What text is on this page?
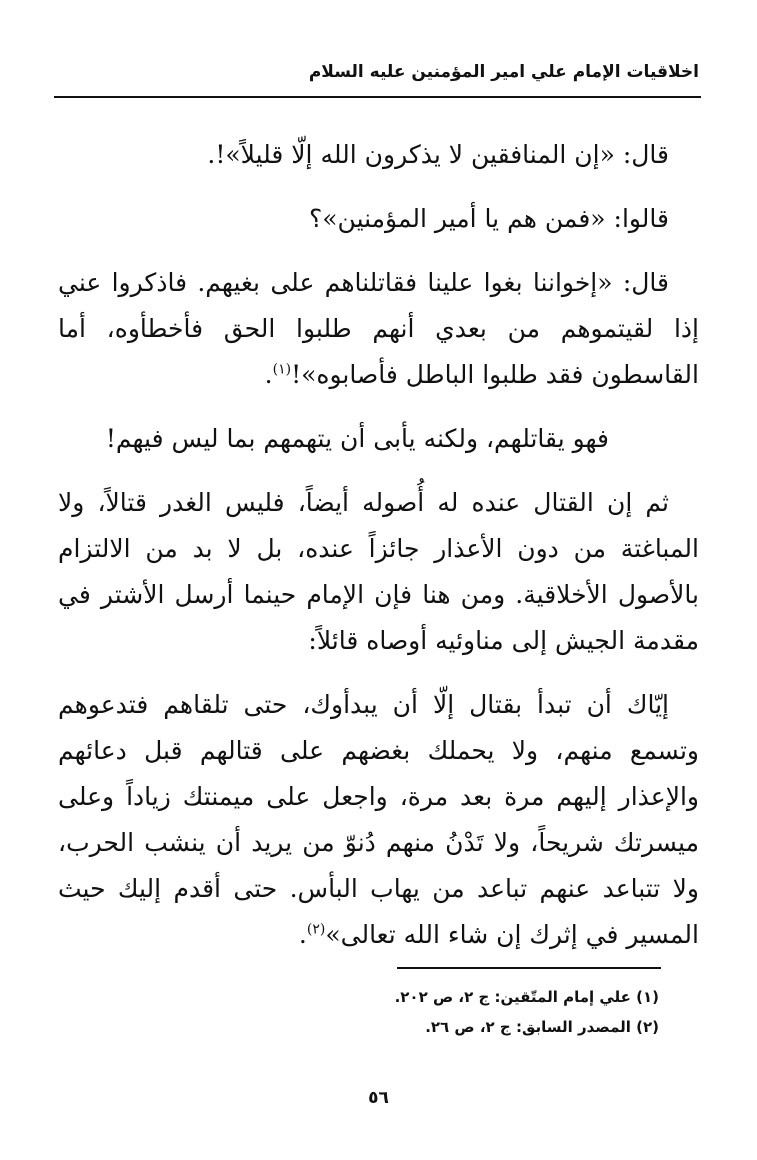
اخلاقيات الإمام علي امير المؤمنين عليه السلام

قال: «إن المنافقين لا يذكرون الله إلّا قليلاً»!.

قالوا: «فمن هم يا أمير المؤمنين»؟

قال: «إخواننا بغوا علينا فقاتلناهم على بغيهم. فاذكروا عني إذا لقيتموهم من بعدي أنهم طلبوا الحق فأخطأوه، أما القاسطون فقد طلبوا الباطل فأصابوه»!$^{(١)}$.

فهو يقاتلهم، ولكنه يأبى أن يتهمهم بما ليس فيهم!

ثم إن القتال عنده له أُصوله أيضاً، فليس الغدر قتالاً، ولا المباغتة من دون الأعذار جائزاً عنده، بل لا بد من الالتزام بالأصول الأخلاقية. ومن هنا فإن الإمام حينما أرسل الأشتر في مقدمة الجيش إلى مناوئيه أوصاه قائلاً:

إيّاك أن تبدأ بقتال إلّا أن يبدأوك، حتى تلقاهم فتدعوهم وتسمع منهم، ولا يحملك بغضهم على قتالهم قبل دعائهم والإعذار إليهم مرة بعد مرة، واجعل على ميمنتك زياداً وعلى ميسرتك شريحاً، ولا تَدْنُ منهم دُنوّ من يريد أن ينشب الحرب، ولا تتباعد عنهم تباعد من يهاب البأس. حتى أقدم إليك حيث المسير في إثرك إن شاء الله تعالى»$^{(٢)}$.

(١) علي إمام المتّقين: ج ٢، ص ٢٠٢.
(٢) المصدر السابق: ج ٢، ص ٢٦.
٥٦
